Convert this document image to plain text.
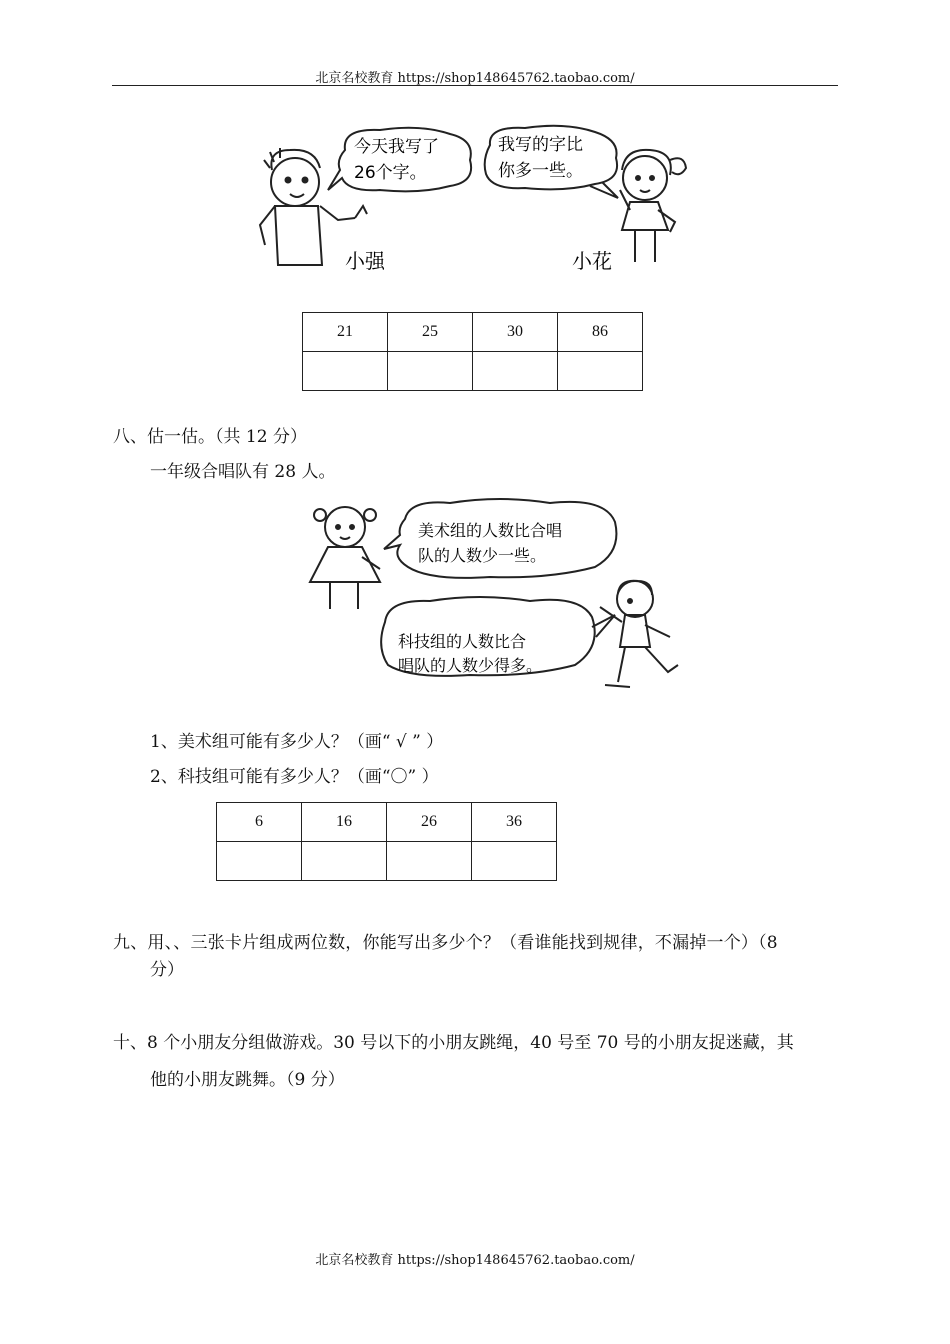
北京名校教育 https://shop148645762.taobao.com/
今天我写了
26个字。
我写的字比
你多一些。
小强	小花
21	25	30	86

八、估一估。（共 12 分）
一年级合唱队有 28 人。
美术组的人数比合唱
队的人数少一些。
科技组的人数比合
唱队的人数少得多。
1、美术组可能有多少人？（画“ √ ” ）
2、科技组可能有多少人？（画“〇” ）
6	16	26	36

九、用、、三张卡片组成两位数，你能写出多少个？（看谁能找到规律，不漏掉一个）（8
分）
十、8 个小朋友分组做游戏。30 号以下的小朋友跳绳，40 号至 70 号的小朋友捉迷藏，其
他的小朋友跳舞。（9 分）
北京名校教育 https://shop148645762.taobao.com/
